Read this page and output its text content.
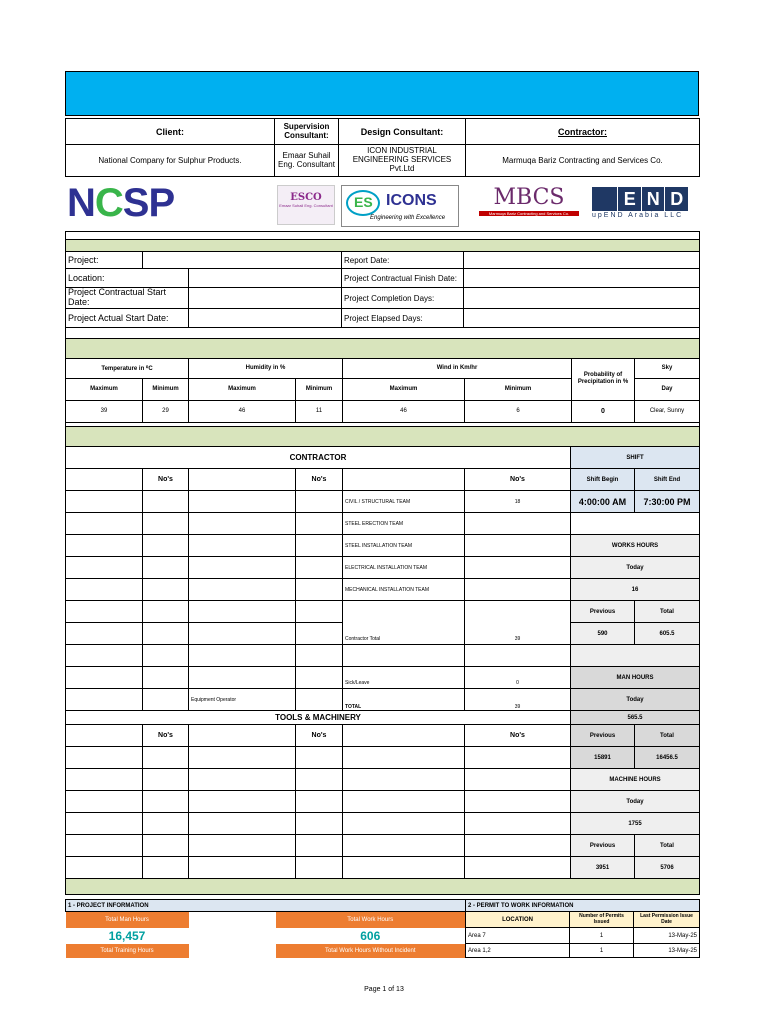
Client:	Supervision Consultant:	Design Consultant:	Contractor:
National Company for Sulphur Products.	Emaar Suhail Eng. Consultant	ICON INDUSTRIAL ENGINEERING SERVICES Pvt.Ltd	Marmuqa Bariz Contracting and Services Co.
NCSP	ESCO
Emaar Suhail Eng. Consultant ES ICONS
Engineering with Excellence
MBCS
Marmuqa Bariz Contracting and Services Co.
E N D
upEND Arabia LLC

Project:			Report Date:	
Location:			Project Contractual Finish Date:	
Project Contractual Start Date:			Project Completion Days:	
Project Actual Start Date:			Project Elapsed Days:	

Temperature in ⁰C		Humidity in %		Wind in Km/hr		Probability of Precipitation in %	Sky
Maximum	Minimum	Maximum	Minimum	Maximum	Minimum		Day
39	29	46	11	46	6	0	Clear, Sunny

CONTRACTOR						SHIFT	
	No's		No's		No's	Shift Begin	Shift End
				CIVIL / STRUCTURAL TEAM	18	4:00:00 AM	7:30:00 PM
				STEEL ERECTION TEAM			
				STEEL INSTALLATION TEAM		WORKS HOURS	
				ELECTRICAL INSTALLATION TEAM		Today	
				MECHANICAL INSTALLATION TEAM		16	
				Contractor Total	39	Previous	Total
						590	605.5

				Sick/Leave	0	MAN HOURS	
		Equipment Operator		TOTAL	39	Today	
TOOLS & MACHINERY						565.5	
	No's		No's		No's	Previous	Total
						15891	16456.5
						MACHINE HOURS	
						Today	
						1755	
						Previous	Total
						3951	5706

1 - PROJECT INFORMATION			2 - PERMIT TO WORK INFORMATION		
Total Man Hours		Total Work Hours	LOCATION	Number of Permits Issued	Last Permission Issue Date
16,457		606	Area 7	1	13-May-25
Total Training Hours		Total Work Hours Without Incident	Area 1,2	1	13-May-25
Page 1 of 13
